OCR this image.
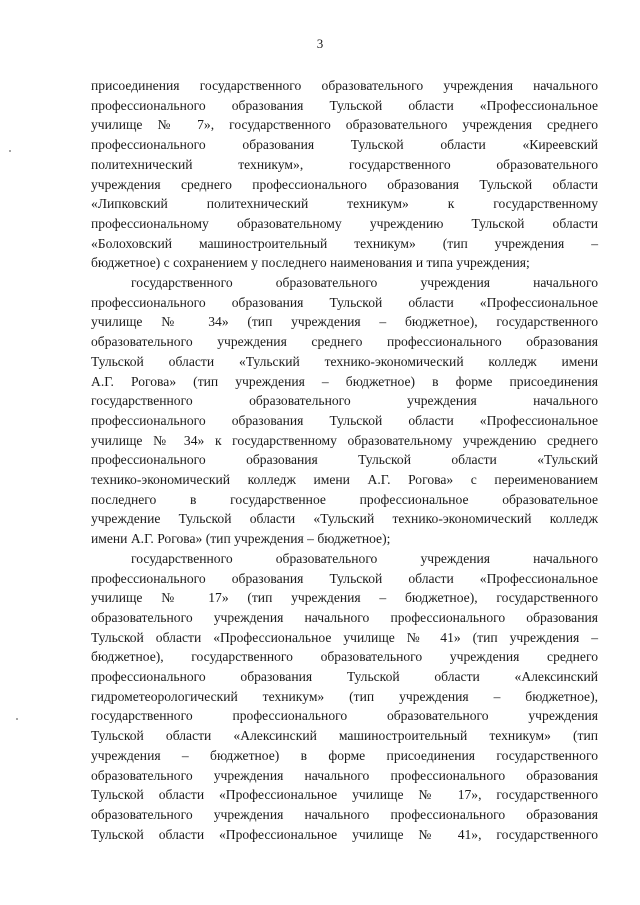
3
присоединения государственного образовательного учреждения начального
профессионального образования Тульской области «Профессиональное
училище № 7», государственного образовательного учреждения среднего
профессионального образования Тульской области «Киреевский
политехнический техникум», государственного образовательного
учреждения среднего профессионального образования Тульской области
«Липковский политехнический техникум» к государственному
профессиональному образовательному учреждению Тульской области
«Болоховский машиностроительный техникум» (тип учреждения –
бюджетное) с сохранением у последнего наименования и типа учреждения;
государственного образовательного учреждения начального
профессионального образования Тульской области «Профессиональное
училище № 34» (тип учреждения – бюджетное), государственного
образовательного учреждения среднего профессионального образования
Тульской области «Тульский технико-экономический колледж имени
А.Г. Рогова» (тип учреждения – бюджетное) в форме присоединения
государственного образовательного учреждения начального
профессионального образования Тульской области «Профессиональное
училище № 34» к государственному образовательному учреждению среднего
профессионального образования Тульской области «Тульский
технико-экономический колледж имени А.Г. Рогова» с переименованием
последнего в государственное профессиональное образовательное
учреждение Тульской области «Тульский технико-экономический колледж
имени А.Г. Рогова» (тип учреждения – бюджетное);
государственного образовательного учреждения начального
профессионального образования Тульской области «Профессиональное
училище № 17» (тип учреждения – бюджетное), государственного
образовательного учреждения начального профессионального образования
Тульской области «Профессиональное училище № 41» (тип учреждения –
бюджетное), государственного образовательного учреждения среднего
профессионального образования Тульской области «Алексинский
гидрометеорологический техникум» (тип учреждения – бюджетное),
государственного профессионального образовательного учреждения
Тульской области «Алексинский машиностроительный техникум» (тип
учреждения – бюджетное) в форме присоединения государственного
образовательного учреждения начального профессионального образования
Тульской области «Профессиональное училище № 17», государственного
образовательного учреждения начального профессионального образования
Тульской области «Профессиональное училище № 41», государственного
